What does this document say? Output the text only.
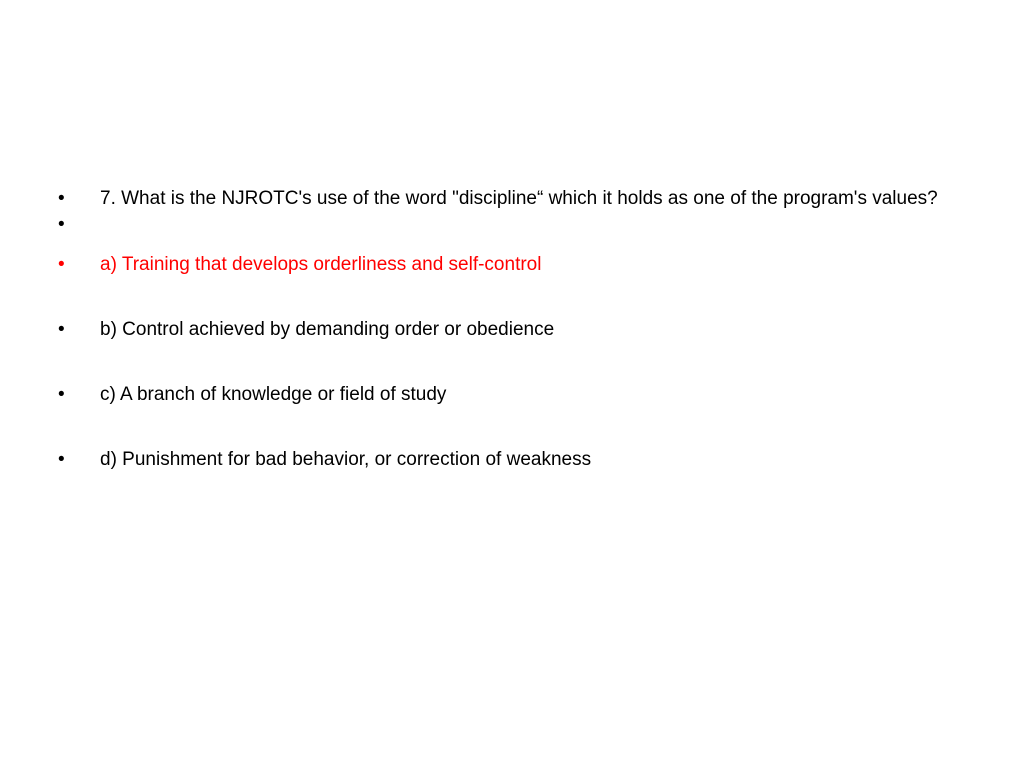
•	7. What is the NJROTC's use of the word "discipline“ which it holds as one of the program's values?
•
•	a) Training that develops orderliness and self-control
•	b) Control achieved by demanding order or obedience
•	c) A branch of knowledge or field of study
•	d) Punishment for bad behavior, or correction of weakness
